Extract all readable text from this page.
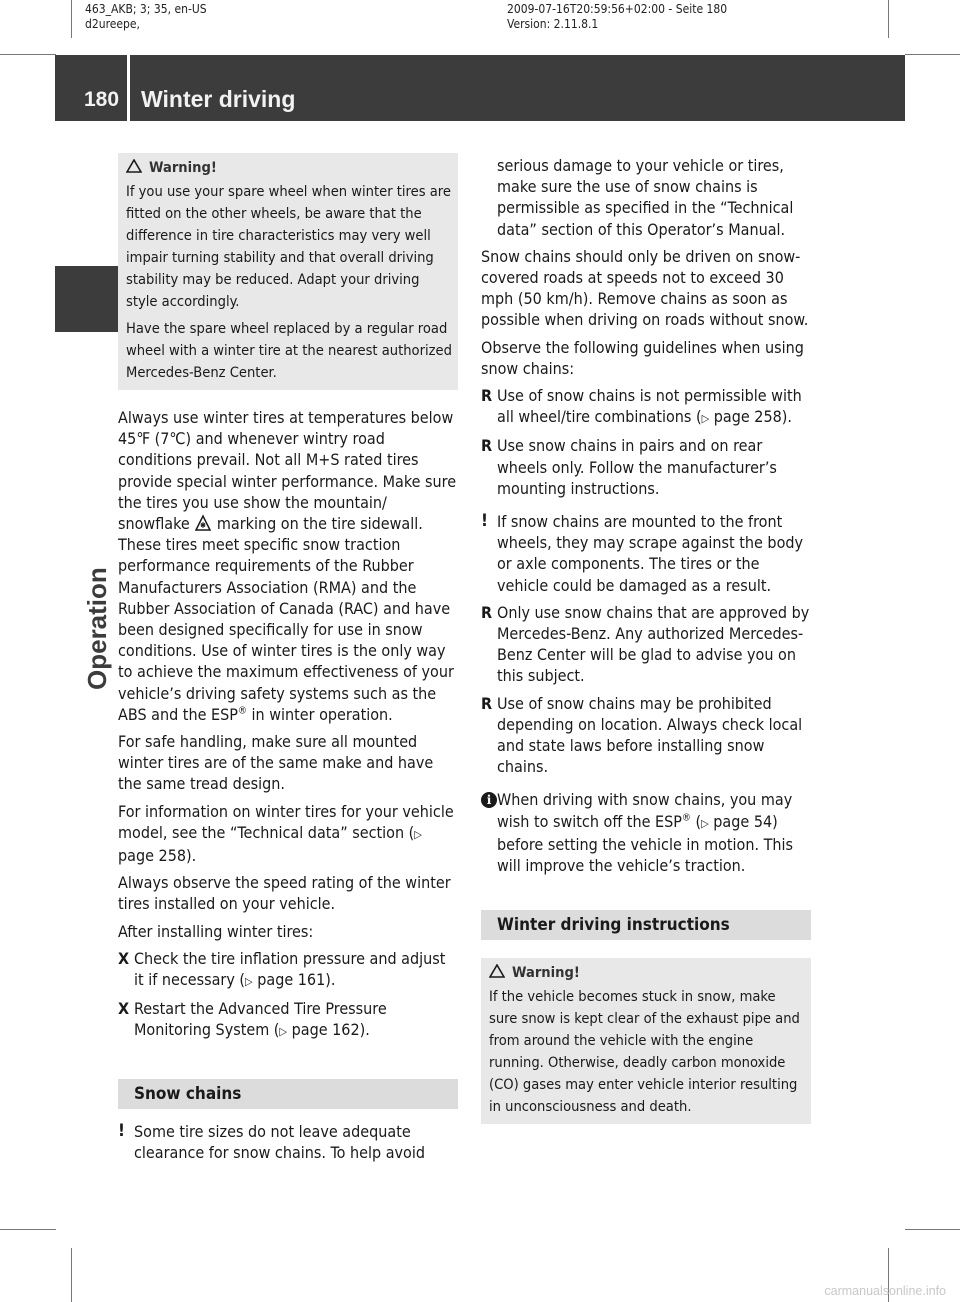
463_AKB; 3; 35, en-US
d2ureepe,
2009-07-16T20:59:56+02:00 - Seite 180
Version: 2.11.8.1
180 Winter driving
Operation

Warning!

If you use your spare wheel when winter tires are fitted on the other wheels, be aware that the difference in tire characteristics may very well impair turning stability and that overall driving stability may be reduced. Adapt your driving style accordingly.

Have the spare wheel replaced by a regular road wheel with a winter tire at the nearest authorized Mercedes-Benz Center.

Always use winter tires at temperatures below 45℉ (7℃) and whenever wintry road conditions prevail. Not all M+S rated tires provide special winter performance. Make sure the tires you use show the mountain/ snowflake marking on the tire sidewall. These tires meet specific snow traction performance requirements of the Rubber Manufacturers Association (RMA) and the Rubber Association of Canada (RAC) and have been designed specifically for use in snow conditions. Use of winter tires is the only way to achieve the maximum effectiveness of your vehicle’s driving safety systems such as the ABS and the ESP® in winter operation.

For safe handling, make sure all mounted winter tires are of the same make and have the same tread design.

For information on winter tires for your vehicle model, see the “Technical data” section (▷ page 258).

Always observe the speed rating of the winter tires installed on your vehicle.

After installing winter tires:

X Check the tire inflation pressure and adjust it if necessary (▷ page 161).
X Restart the Advanced Tire Pressure Monitoring System (▷ page 162).
Snow chains
! Some tire sizes do not leave adequate clearance for snow chains. To help avoid

serious damage to your vehicle or tires, make sure the use of snow chains is permissible as specified in the “Technical data” section of this Operator’s Manual.

Snow chains should only be driven on snow-covered roads at speeds not to exceed 30 mph (50 km/h). Remove chains as soon as possible when driving on roads without snow.

Observe the following guidelines when using snow chains:

R Use of snow chains is not permissible with all wheel/tire combinations (▷ page 258).
R Use snow chains in pairs and on rear wheels only. Follow the manufacturer’s mounting instructions.
! If snow chains are mounted to the front wheels, they may scrape against the body or axle components. The tires or the vehicle could be damaged as a result.
R Only use snow chains that are approved by Mercedes-Benz. Any authorized Mercedes-Benz Center will be glad to advise you on this subject.
R Use of snow chains may be prohibited depending on location. Always check local and state laws before installing snow chains.
i When driving with snow chains, you may wish to switch off the ESP® (▷ page 54) before setting the vehicle in motion. This will improve the vehicle’s traction.
Winter driving instructions

Warning!

If the vehicle becomes stuck in snow, make sure snow is kept clear of the exhaust pipe and from around the vehicle with the engine running. Otherwise, deadly carbon monoxide (CO) gases may enter vehicle interior resulting in unconsciousness and death.

carmanualsonline.info
